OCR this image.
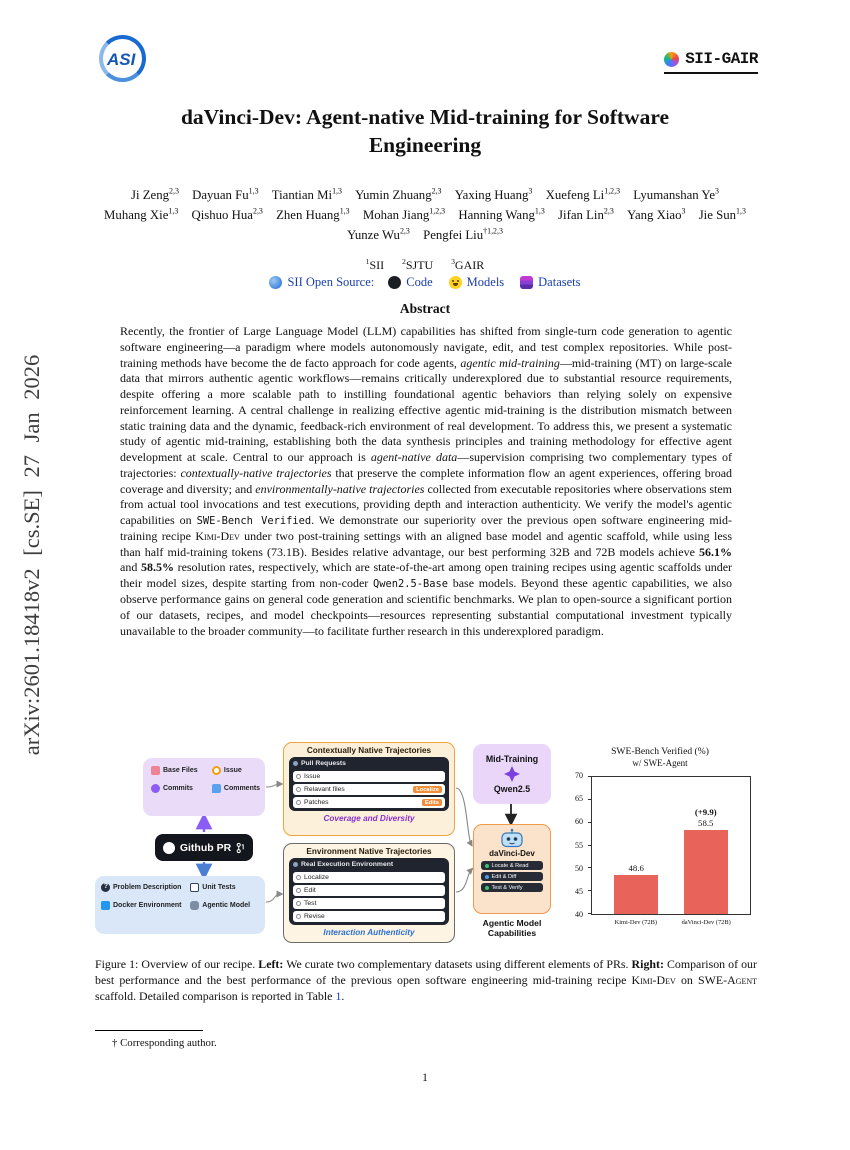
arXiv:2601.18418v2 [cs.SE] 27 Jan 2026
ASI	SII-GAIR
daVinci-Dev: Agent-native Mid-training for Software Engineering
Ji Zeng$^{2,3}$ Dayuan Fu$^{1,3}$ Tiantian Mi$^{1,3}$ Yumin Zhuang$^{2,3}$ Yaxing Huang$^3$ Xuefeng Li$^{1,2,3}$ Lyumanshan Ye$^3$ Muhang Xie$^{1,3}$ Qishuo Hua$^{2,3}$ Zhen Huang$^{1,3}$ Mohan Jiang$^{1,2,3}$ Hanning Wang$^{1,3}$ Jifan Lin$^{2,3}$ Yang Xiao$^3$ Jie Sun$^{1,3}$ Yunze Wu$^{2,3}$ Pengfei Liu$^{\dagger 1,2,3}$
$^1$SII $^2$SJTU $^3$GAIR
SII Open Source:	Code	Models	Datasets
Abstract

Recently, the frontier of Large Language Model (LLM) capabilities has shifted from single-turn code generation to agentic software engineering—a paradigm where models autonomously navigate, edit, and test complex repositories. While post-training methods have become the de facto approach for code agents, agentic mid-training—mid-training (MT) on large-scale data that mirrors authentic agentic workflows—remains critically underexplored due to substantial resource requirements, despite offering a more scalable path to instilling foundational agentic behaviors than relying solely on expensive reinforcement learning. A central challenge in realizing effective agentic mid-training is the distribution mismatch between static training data and the dynamic, feedback-rich environment of real development. To address this, we present a systematic study of agentic mid-training, establishing both the data synthesis principles and training methodology for effective agent development at scale. Central to our approach is agent-native data—supervision comprising two complementary types of trajectories: contextually-native trajectories that preserve the complete information flow an agent experiences, offering broad coverage and diversity; and environmentally-native trajectories collected from executable repositories where observations stem from actual tool invocations and test executions, providing depth and interaction authenticity. We verify the model's agentic capabilities on SWE-Bench Verified. We demonstrate our superiority over the previous open software engineering mid-training recipe Kimi-Dev under two post-training settings with an aligned base model and agentic scaffold, while using less than half mid-training tokens (73.1B). Besides relative advantage, our best performing 32B and 72B models achieve 56.1% and 58.5% resolution rates, respectively, which are state-of-the-art among open training recipes using agentic scaffolds under their model sizes, despite starting from non-coder Qwen2.5-Base base models. Beyond these agentic capabilities, we also observe performance gains on general code generation and scientific benchmarks. We plan to open-source a significant portion of our datasets, recipes, and model checkpoints—resources representing substantial computational investment typically unavailable to the broader community—to facilitate further research in this underexplored paradigm.

Base Files	Issue
Commits	Comments
Github PR
?
Problem Description	Unit Tests
Docker Environment	Agentic Model
Contextually Native Trajectories
Pull Requests
Issue
Relavant files	Localize
Patches	Edits
Coverage and Diversity
Environment Native Trajectories
Real Execution Environment
Localize
Edit
Test
Revise
Interaction Authenticity
Mid-Training
Qwen2.5
daVinci-Dev
Locate & Read
Edit & Diff
Test & Verify
Agentic Model Capabilities
SWE-Bench Verified (%)
w/ SWE-Agent
40
45
50
55
60
65
70
48.6
58.5
(+9.9)
Kimi-Dev (72B)	daVinci-Dev (72B)

Figure 1: Overview of our recipe. Left: We curate two complementary datasets using different elements of PRs. Right: Comparison of our best performance and the best performance of the previous open software engineering mid-training recipe Kimi-Dev on SWE-Agent scaffold. Detailed comparison is reported in Table 1.

† Corresponding author.
1
